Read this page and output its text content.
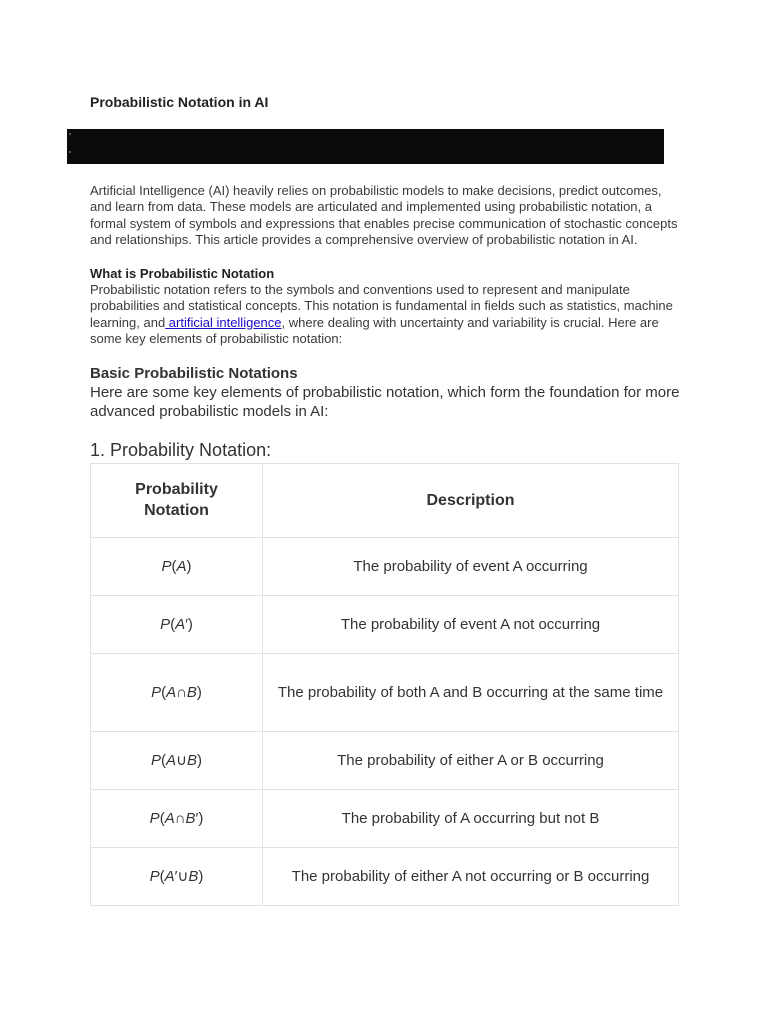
Probabilistic Notation in AI

Artificial Intelligence (AI) heavily relies on probabilistic models to make decisions, predict outcomes, and learn from data. These models are articulated and implemented using probabilistic notation, a formal system of symbols and expressions that enables precise communication of stochastic concepts and relationships. This article provides a comprehensive overview of probabilistic notation in AI.

What is Probabilistic Notation

Probabilistic notation refers to the symbols and conventions used to represent and manipulate probabilities and statistical concepts. This notation is fundamental in fields such as statistics, machine learning, and artificial intelligence, where dealing with uncertainty and variability is crucial. Here are some key elements of probabilistic notation:

Basic Probabilistic Notations

Here are some key elements of probabilistic notation, which form the foundation for more advanced probabilistic models in AI:

1. Probability Notation:
Probability Notation	Description
P(A)	The probability of event A occurring
P(A′)	The probability of event A not occurring
P(A∩B)	The probability of both A and B occurring at the same time
P(A∪B)	The probability of either A or B occurring
P(A∩B′)	The probability of A occurring but not B
P(A′∪B)	The probability of either A not occurring or B occurring
